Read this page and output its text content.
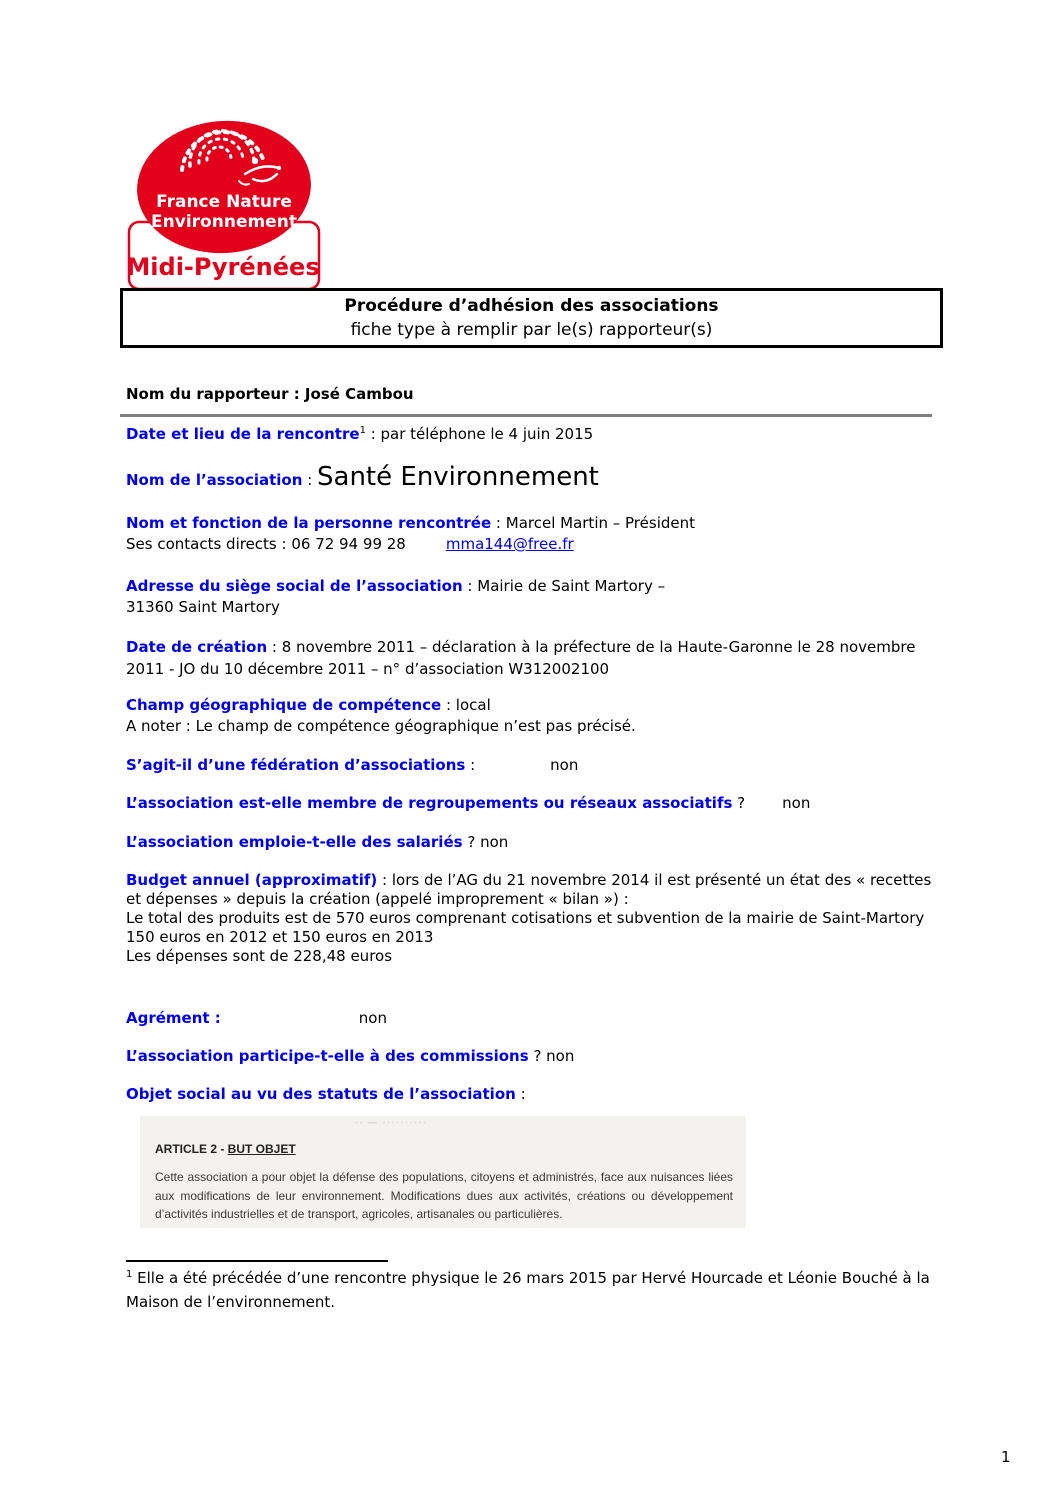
France Nature
Environnement
Midi-Pyrénées
Procédure d’adhésion des associations
fiche type à remplir par le(s) rapporteur(s)

Nom du rapporteur : José Cambou

Date et lieu de la rencontre$^1$ : par téléphone le 4 juin 2015

Nom de l’association : Santé Environnement

Nom et fonction de la personne rencontrée : Marcel Martin – Président

Ses contacts directs : 06 72 94 99 28	mma144@free.fr

Adresse du siège social de l’association : Mairie de Saint Martory –

31360 Saint Martory

Date de création : 8 novembre 2011 – déclaration à la préfecture de la Haute-Garonne le 28 novembre 2011 - JO du 10 décembre 2011 – n° d’association W312002100

Champ géographique de compétence : local

A noter : Le champ de compétence géographique n’est pas précisé.

S’agit-il d’une fédération d’associations :	non

L’association est-elle membre de regroupements ou réseaux associatifs ? non

L’association emploie-t-elle des salariés ? non

Budget annuel (approximatif) : lors de l’AG du 21 novembre 2014 il est présenté un état des « recettes et dépenses » depuis la création (appelé improprement « bilan ») :

Le total des produits est de 570 euros comprenant cotisations et subvention de la mairie de Saint-Martory 150 euros en 2012 et 150 euros en 2013

Les dépenses sont de 228,48 euros

Agrément :	non

L’association participe-t-elle à des commissions ? non

Objet social au vu des statuts de l’association :

·· — ··········
ARTICLE 2 - BUT OBJET
Cette association a pour objet la défense des populations, citoyens et administrés, face aux nuisances liées aux modifications de leur environnement. Modifications dues aux activités, créations ou développement d’activités industrielles et de transport, agricoles, artisanales ou particulières.

$^1$ Elle a été précédée d’une rencontre physique le 26 mars 2015 par Hervé Hourcade et Léonie Bouché à la Maison de l’environnement.

1
